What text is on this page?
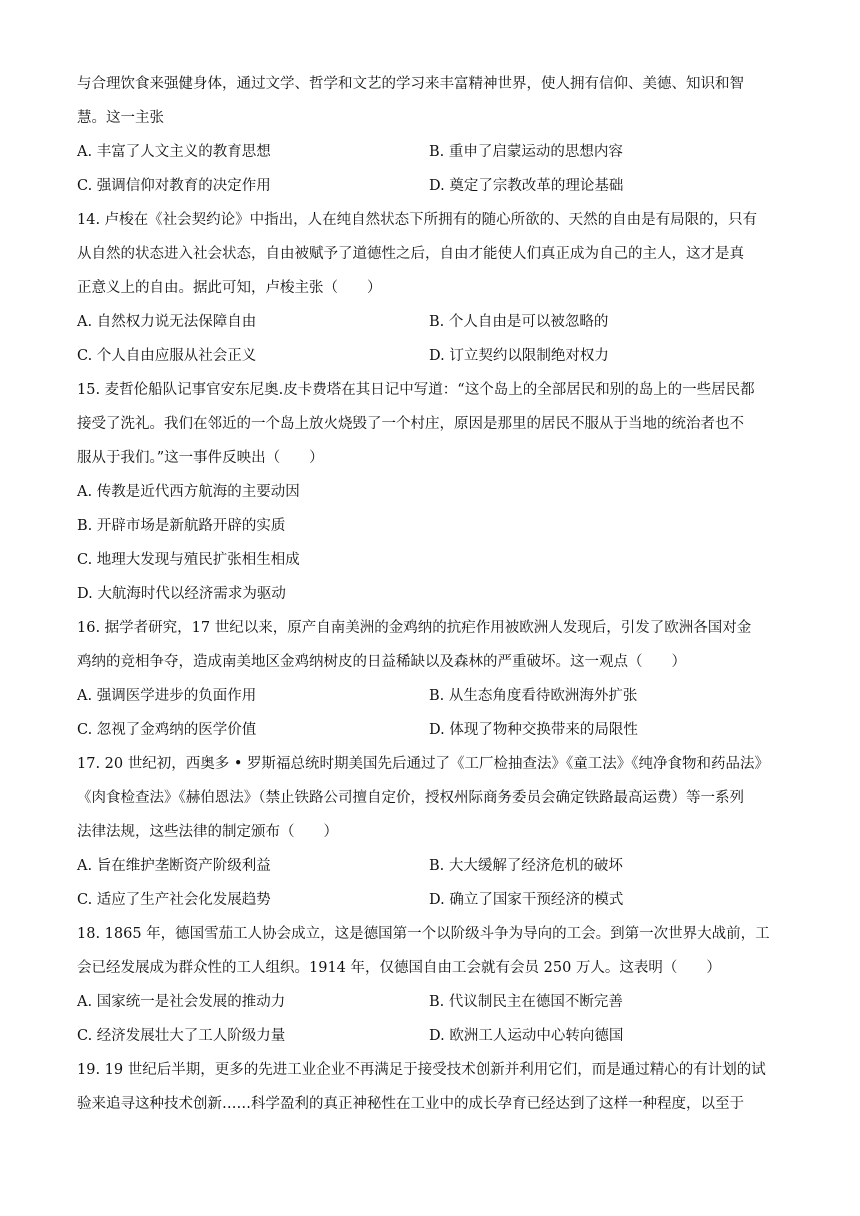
与合理饮食来强健身体，通过文学、哲学和文艺的学习来丰富精神世界，使人拥有信仰、美德、知识和智
慧。这一主张
A. 丰富了人文主义的教育思想	B. 重申了启蒙运动的思想内容
C. 强调信仰对教育的决定作用	D. 奠定了宗教改革的理论基础
14. 卢梭在《社会契约论》中指出，人在纯自然状态下所拥有的随心所欲的、天然的自由是有局限的，只有
从自然的状态进入社会状态，自由被赋予了道德性之后，自由才能使人们真正成为自己的主人，这才是真
正意义上的自由。据此可知，卢梭主张（　　）
A. 自然权力说无法保障自由	B. 个人自由是可以被忽略的
C. 个人自由应服从社会正义	D. 订立契约以限制绝对权力
15. 麦哲伦船队记事官安东尼奥.皮卡费塔在其日记中写道：“这个岛上的全部居民和别的岛上的一些居民都
接受了洗礼。我们在邻近的一个岛上放火烧毁了一个村庄，原因是那里的居民不服从于当地的统治者也不
服从于我们。”这一事件反映出（　　）
A. 传教是近代西方航海的主要动因
B. 开辟市场是新航路开辟的实质
C. 地理大发现与殖民扩张相生相成
D. 大航海时代以经济需求为驱动
16. 据学者研究，17 世纪以来，原产自南美洲的金鸡纳的抗疟作用被欧洲人发现后，引发了欧洲各国对金
鸡纳的竞相争夺，造成南美地区金鸡纳树皮的日益稀缺以及森林的严重破坏。这一观点（　　）
A. 强调医学进步的负面作用	B. 从生态角度看待欧洲海外扩张
C. 忽视了金鸡纳的医学价值	D. 体现了物种交换带来的局限性
17. 20 世纪初，西奥多 • 罗斯福总统时期美国先后通过了《工厂检抽查法》《童工法》《纯净食物和药品法》
《肉食检查法》《赫伯恩法》（禁止铁路公司擅自定价，授权州际商务委员会确定铁路最高运费）等一系列
法律法规，这些法律的制定颁布（　　）
A. 旨在维护垄断资产阶级利益	B. 大大缓解了经济危机的破坏
C. 适应了生产社会化发展趋势	D. 确立了国家干预经济的模式
18. 1865 年，德国雪茄工人协会成立，这是德国第一个以阶级斗争为导向的工会。到第一次世界大战前，工
会已经发展成为群众性的工人组织。1914 年，仅德国自由工会就有会员 250 万人。这表明（　　）
A. 国家统一是社会发展的推动力	B. 代议制民主在德国不断完善
C. 经济发展壮大了工人阶级力量	D. 欧洲工人运动中心转向德国
19. 19 世纪后半期，更多的先进工业企业不再满足于接受技术创新并利用它们，而是通过精心的有计划的试
验来追寻这种技术创新……科学盈利的真正神秘性在工业中的成长孕育已经达到了这样一种程度，以至于
